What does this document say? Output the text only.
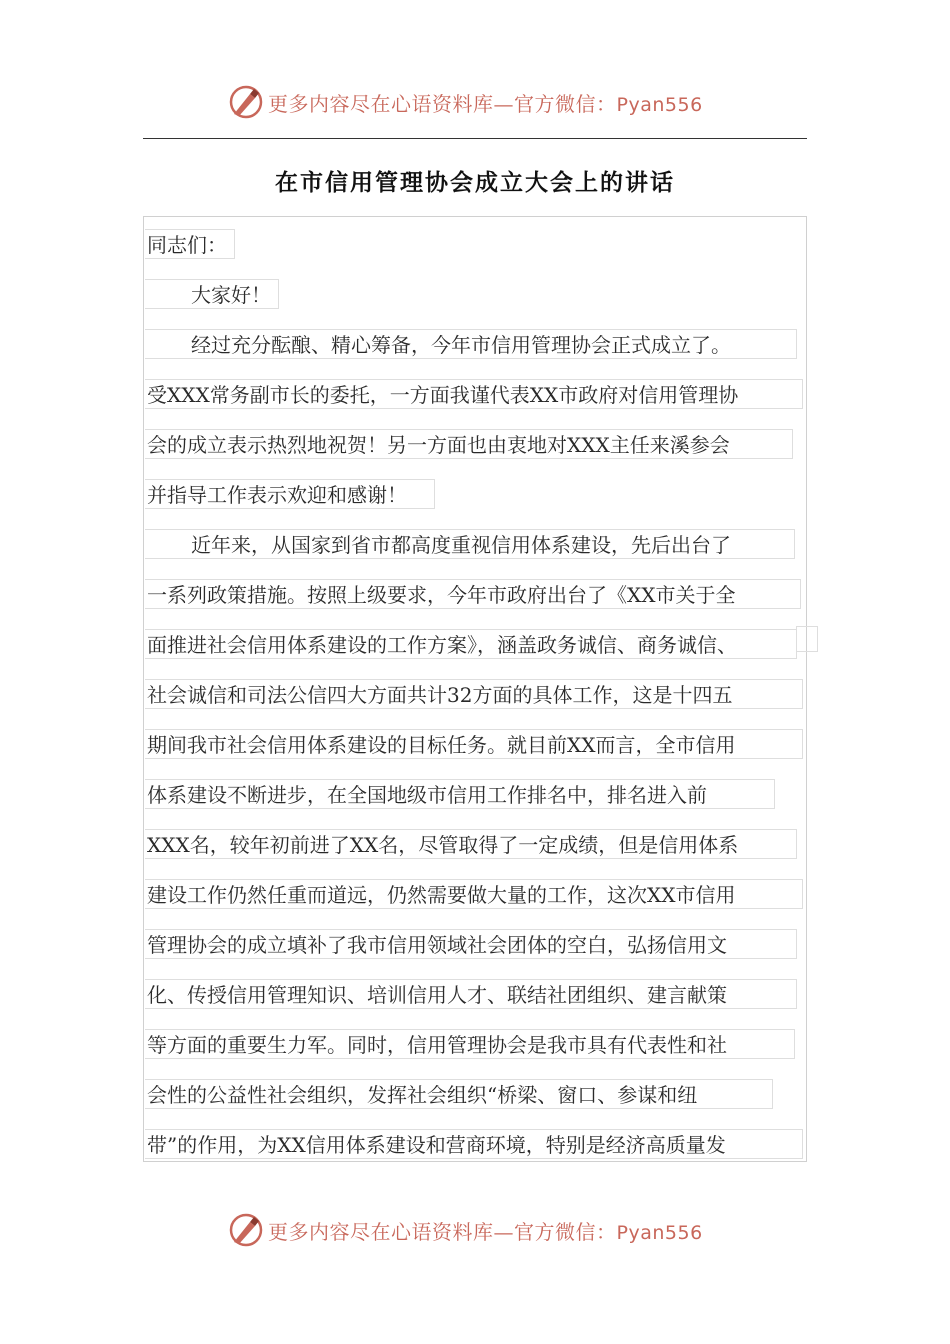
更多内容尽在心语资料库—官方微信：Pyan556
在市信用管理协会成立大会上的讲话
同志们：
大家好！
经过充分酝酿、精心筹备，今年市信用管理协会正式成立了。
受XXX常务副市长的委托，一方面我谨代表XX市政府对信用管理协
会的成立表示热烈地祝贺！另一方面也由衷地对XXX主任来溪参会
并指导工作表示欢迎和感谢！
近年来，从国家到省市都高度重视信用体系建设，先后出台了
一系列政策措施。按照上级要求，今年市政府出台了《XX市关于全
面推进社会信用体系建设的工作方案》，涵盖政务诚信、商务诚信、
社会诚信和司法公信四大方面共计32方面的具体工作，这是十四五
期间我市社会信用体系建设的目标任务。就目前XX而言，全市信用
体系建设不断进步，在全国地级市信用工作排名中，排名进入前
XXX名，较年初前进了XX名，尽管取得了一定成绩，但是信用体系
建设工作仍然任重而道远，仍然需要做大量的工作，这次XX市信用
管理协会的成立填补了我市信用领域社会团体的空白，弘扬信用文
化、传授信用管理知识、培训信用人才、联结社团组织、建言献策
等方面的重要生力军。同时，信用管理协会是我市具有代表性和社
会性的公益性社会组织，发挥社会组织“桥梁、窗口、参谋和纽
带”的作用，为XX信用体系建设和营商环境，特别是经济高质量发
更多内容尽在心语资料库—官方微信：Pyan556
